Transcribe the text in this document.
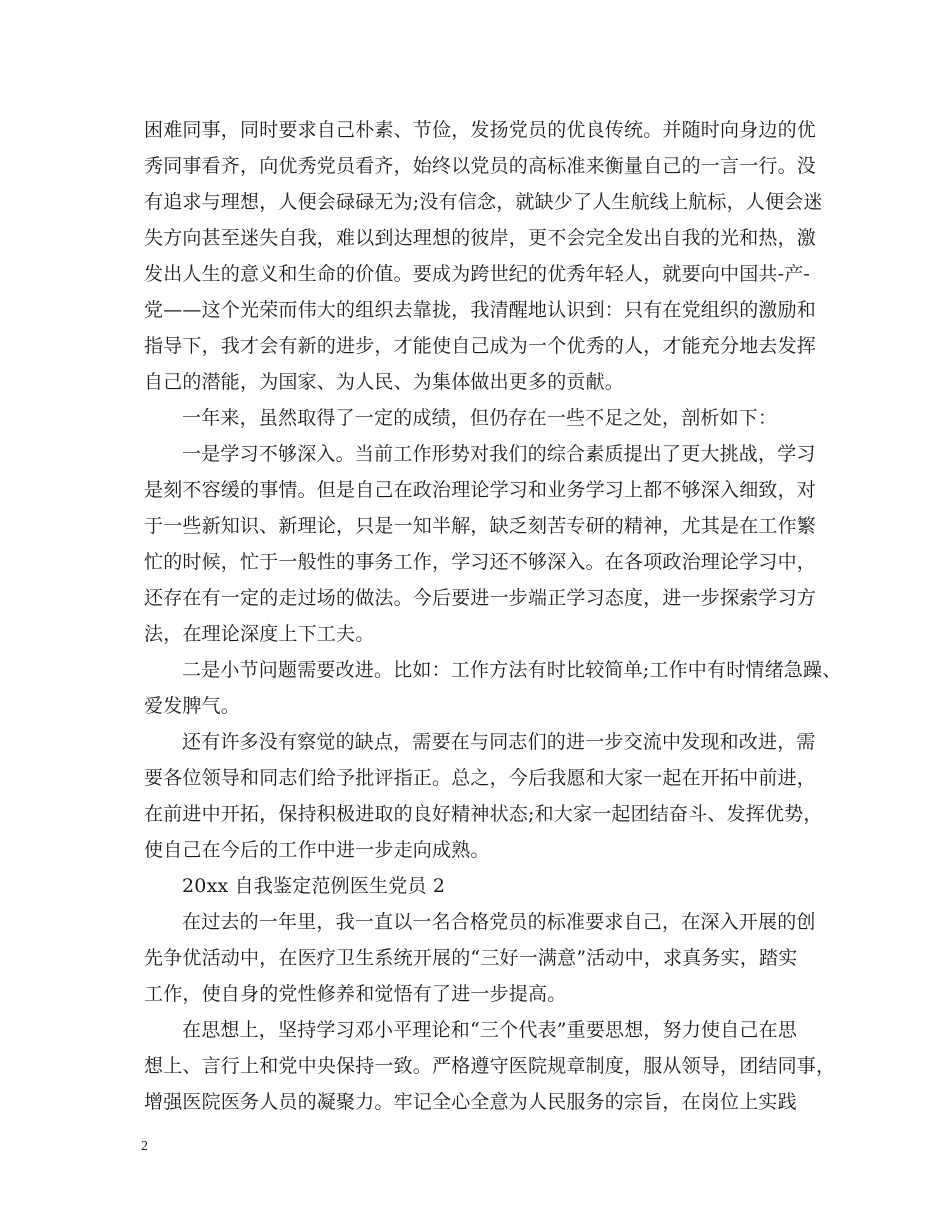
困难同事，同时要求自己朴素、节俭，发扬党员的优良传统。并随时向身边的优
秀同事看齐，向优秀党员看齐，始终以党员的高标准来衡量自己的一言一行。没
有追求与理想，人便会碌碌无为;没有信念，就缺少了人生航线上航标，人便会迷
失方向甚至迷失自我，难以到达理想的彼岸，更不会完全发出自我的光和热，激
发出人生的意义和生命的价值。要成为跨世纪的优秀年轻人，就要向中国共-产-
党——这个光荣而伟大的组织去靠拢，我清醒地认识到：只有在党组织的激励和
指导下，我才会有新的进步，才能使自己成为一个优秀的人，才能充分地去发挥
自己的潜能，为国家、为人民、为集体做出更多的贡献。
一年来，虽然取得了一定的成绩，但仍存在一些不足之处，剖析如下：
一是学习不够深入。当前工作形势对我们的综合素质提出了更大挑战，学习
是刻不容缓的事情。但是自己在政治理论学习和业务学习上都不够深入细致，对
于一些新知识、新理论，只是一知半解，缺乏刻苦专研的精神，尤其是在工作繁
忙的时候，忙于一般性的事务工作，学习还不够深入。在各项政治理论学习中，
还存在有一定的走过场的做法。今后要进一步端正学习态度，进一步探索学习方
法，在理论深度上下工夫。
二是小节问题需要改进。比如：工作方法有时比较简单;工作中有时情绪急躁、
爱发脾气。
还有许多没有察觉的缺点，需要在与同志们的进一步交流中发现和改进，需
要各位领导和同志们给予批评指正。总之，今后我愿和大家一起在开拓中前进，
在前进中开拓，保持积极进取的良好精神状态;和大家一起团结奋斗、发挥优势，
使自己在今后的工作中进一步走向成熟。
20xx 自我鉴定范例医生党员 2
在过去的一年里，我一直以一名合格党员的标准要求自己，在深入开展的创
先争优活动中，在医疗卫生系统开展的“三好一满意”活动中，求真务实，踏实
工作，使自身的党性修养和觉悟有了进一步提高。
在思想上，坚持学习邓小平理论和“三个代表”重要思想，努力使自己在思
想上、言行上和党中央保持一致。严格遵守医院规章制度，服从领导，团结同事，
增强医院医务人员的凝聚力。牢记全心全意为人民服务的宗旨，在岗位上实践
2
